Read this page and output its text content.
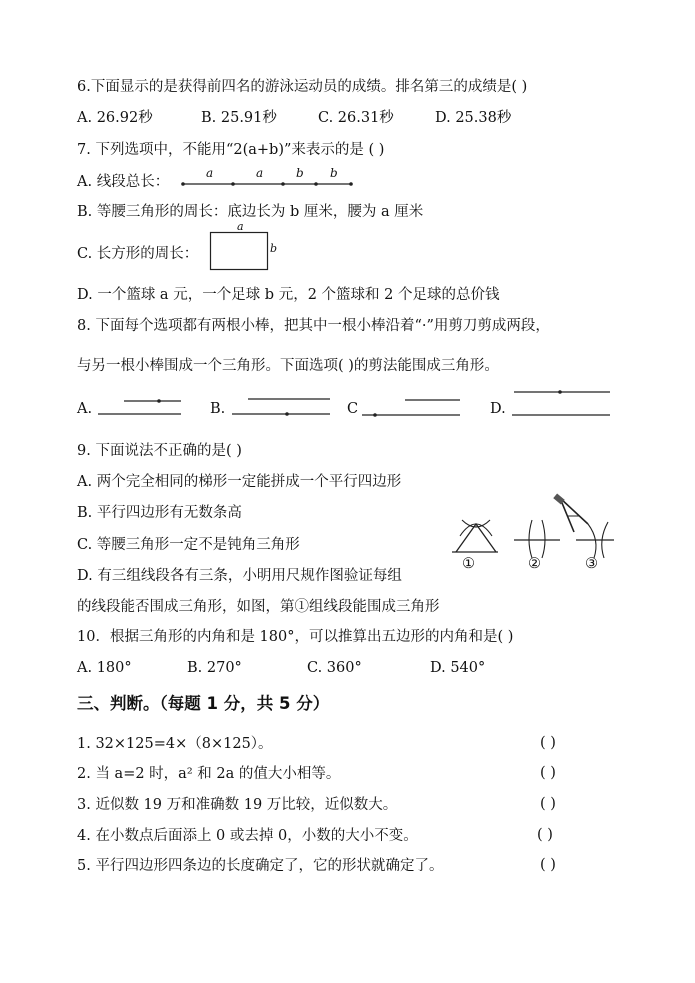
6.下面显示的是获得前四名的游泳运动员的成绩。排名第三的成绩是( )
A. 26.92秒	B. 25.91秒	C. 26.31秒	D. 25.38秒
7. 下列选项中，不能用“2(a+b)”来表示的是 ( )
A. 线段总长：
a	a	b b
B. 等腰三角形的周长：底边长为 b 厘米，腰为 a 厘米
C. 长方形的周长：
a
b
D. 一个篮球 a 元，一个足球 b 元，2 个篮球和 2 个足球的总价钱
8. 下面每个选项都有两根小棒，把其中一根小棒沿着“·”用剪刀剪成两段，
与另一根小棒围成一个三角形。下面选项( )的剪法能围成三角形。
A.	B.	C	D.
9. 下面说法不正确的是( )
A. 两个完全相同的梯形一定能拼成一个平行四边形
B. 平行四边形有无数条高
C. 等腰三角形一定不是钝角三角形
D. 有三组线段各有三条，小明用尺规作图验证每组
的线段能否围成三角形，如图，第①组线段能围成三角形
①	②	③
10．根据三角形的内角和是 180°，可以推算出五边形的内角和是( )
A. 180°	B. 270°	C. 360°	D. 540°
三、判断。（每题 1 分，共 5 分）
1. 32×125=4×（8×125）。	( )
2. 当 a=2 时，a² 和 2a 的值大小相等。	( )
3. 近似数 19 万和准确数 19 万比较，近似数大。	( )
4. 在小数点后面添上 0 或去掉 0，小数的大小不变。	( )
5. 平行四边形四条边的长度确定了，它的形状就确定了。	( )
